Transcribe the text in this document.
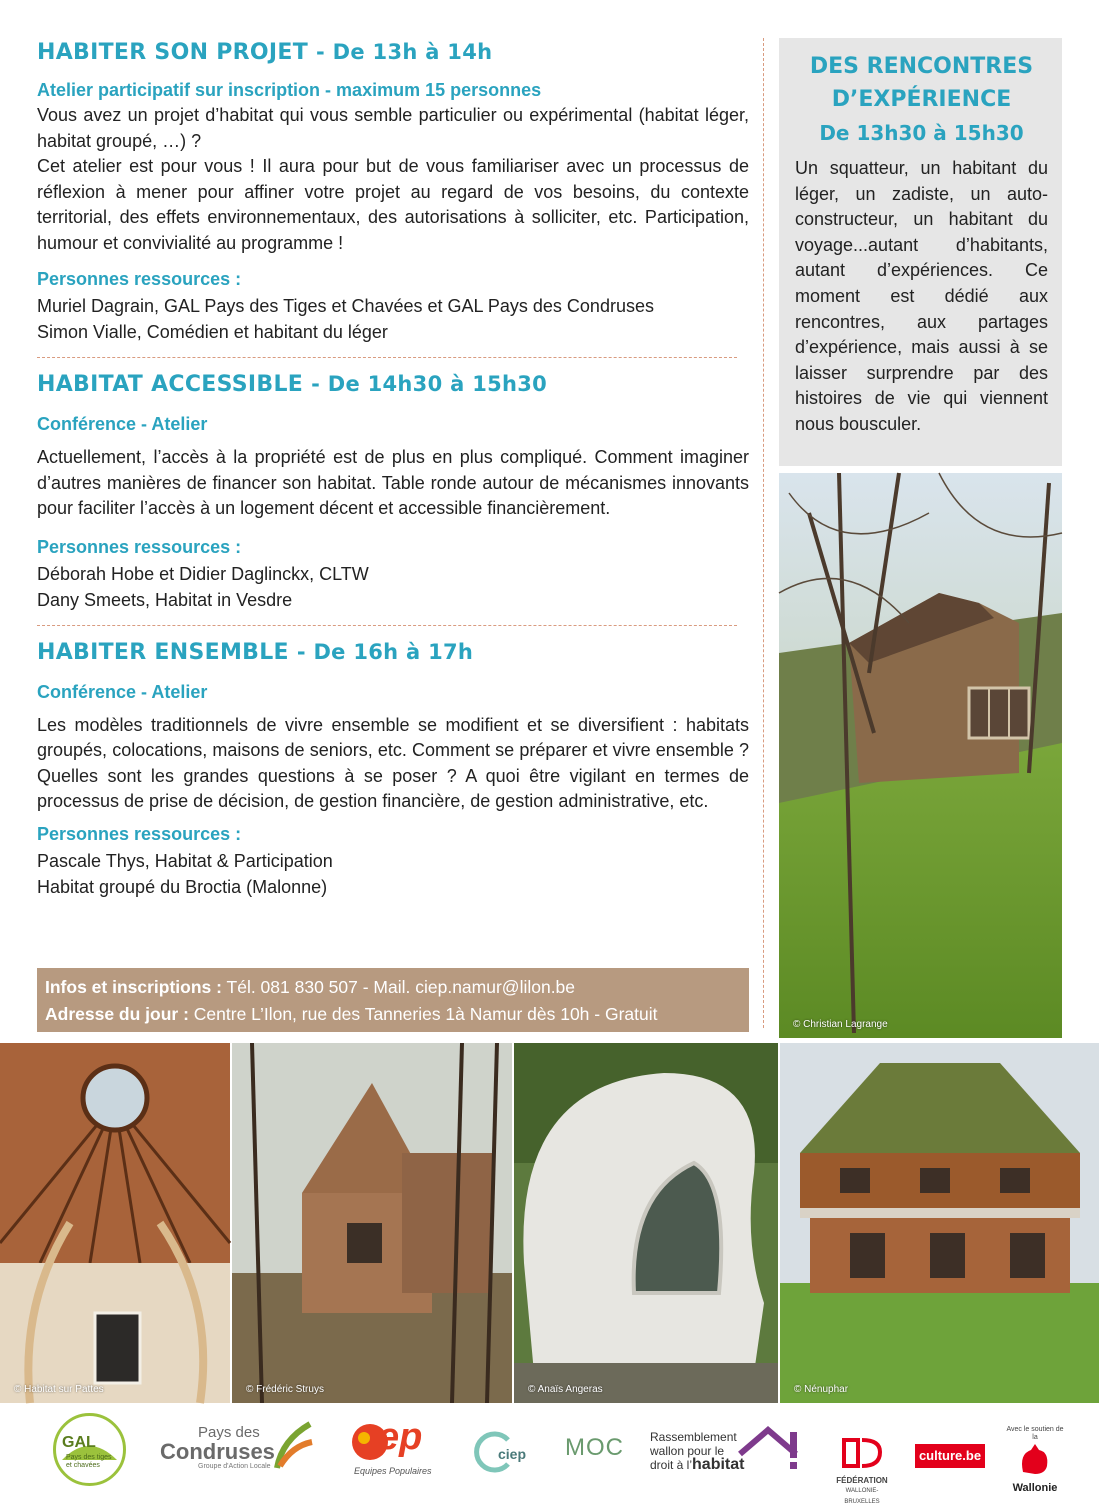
HABITER SON PROJET - De 13h à 14h
Atelier participatif sur inscription - maximum 15 personnes

Vous avez un projet d’habitat qui vous semble particulier ou expérimental (habitat léger, habitat groupé, …) ?

Cet atelier est pour vous ! Il aura pour but de vous familiariser avec un processus de réflexion à mener pour affiner votre projet au regard de vos besoins, du contexte territorial, des effets environnementaux, des autorisations à solliciter, etc. Participation, humour et convivialité au programme !

Personnes ressources :
Muriel Dagrain, GAL Pays des Tiges et Chavées et GAL Pays des Condruses
Simon Vialle, Comédien et habitant du léger
HABITAT ACCESSIBLE - De 14h30 à 15h30
Conférence - Atelier

Actuellement, l’accès à la propriété est de plus en plus compliqué. Comment imaginer d’autres manières de financer son habitat. Table ronde autour de mécanismes innovants pour faciliter l’accès à un logement décent et accessible financièrement.

Personnes ressources :
Déborah Hobe et Didier Daglinckx, CLTW
Dany Smeets, Habitat in Vesdre
HABITER ENSEMBLE - De 16h à 17h
Conférence - Atelier

Les modèles traditionnels de vivre ensemble se modifient et se diversifient : habitats groupés, colocations, maisons de seniors, etc. Comment se préparer et vivre ensemble ? Quelles sont les grandes questions à se poser ? A quoi être vigilant en termes de processus de prise de décision, de gestion financière, de gestion administrative, etc.

Personnes ressources :
Pascale Thys, Habitat & Participation
Habitat groupé du Broctia (Malonne)
Infos et inscriptions : Tél. 081 830 507 - Mail. ciep.namur@lilon.be
Adresse du jour : Centre L’Ilon, rue des Tanneries 1à Namur dès 10h - Gratuit
DES RENCONTRES
D’EXPÉRIENCE
De 13h30 à 15h30
Un squatteur, un habitant du léger, un zadiste, un auto-constructeur, un habitant du voyage...autant d’habitants, autant d’expériences. Ce moment est dédié aux rencontres, aux partages d’expérience, mais aussi à se laisser surprendre par des histoires de vie qui viennent nous bousculer.
© Christian Lagrange
© Habitat sur Pattes	© Frédéric Struys	© Anaïs Angeras	© Nénuphar
GAL
Pays des tiges et chavées
Pays des
Condruses
Groupe d'Action Locale
ep
Equipes Populaires
ciep MOC	Rassemblement
wallon pour le
droit à l’habitat
FÉDÉRATION
WALLONIE-BRUXELLES
culture.be
Avec le soutien de la
Wallonie
